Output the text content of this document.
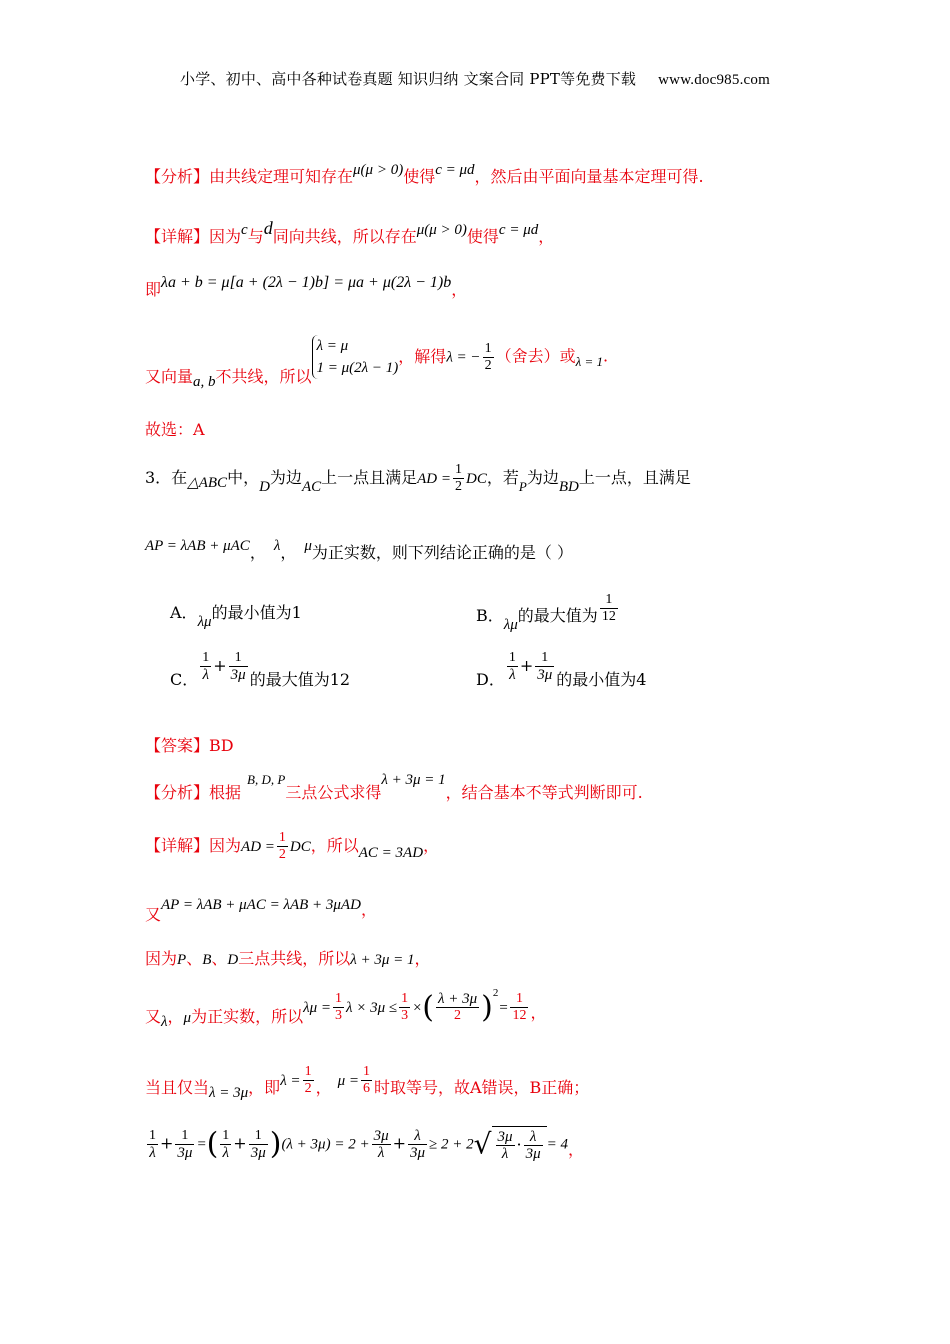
小学、初中、高中各种试卷真题 知识归纳 文案合同 PPT等免费下载 www.doc985.com
【分析】由共线定理可知存在μ(μ > 0)使得c = μd，然后由平面向量基本定理可得.
【详解】因为c与d同向共线，所以存在μ(μ > 0)使得c = μd，
即λa + b = μ[a + (2λ − 1)b] = μa + μ(2λ − 1)b，
又向量a, b不共线，所以
λ = μ
1 = μ(2λ − 1)
，解得λ = − $\frac{1}{2}$ （舍去）或$_{\lambda = 1}$.
故选：A
3．在△ABC中，D为边AC上一点且满足AD = $\frac{1}{2}$ DC，若$_P$为边BD上一点，且满足
AP = λAB + μAC， λ， μ为正实数，则下列结论正确的是（ ）
A．λμ的最小值为1	B．λμ的最大值为 $\frac{1}{12}$
C． $\frac{1}{\lambda} + \frac{1}{3\mu}$ 的最大值为12	D． $\frac{1}{\lambda} + \frac{1}{3\mu}$ 的最小值为4
【答案】BD
【分析】根据$^{B, D, P}$三点公式求得λ + 3μ = 1，结合基本不等式判断即可.
【详解】因为AD = $\frac{1}{2}$ DC，所以AC = 3AD，
又AP = λAB + μAC = λAB + 3μAD，
因为P、B、D三点共线，所以λ + 3μ = 1，
又λ，μ为正实数，所以$\lambda\mu = \frac{1}{3}$ $\lambda \times 3\mu \le \frac{1}{3}$ ×( $\frac{\lambda + 3\mu}{2} )^2= \frac{1}{12}$ ，
当且仅当λ = 3μ，即$\lambda = \frac{1}{2}$ ， $\mu = \frac{1}{6}$ 时取等号，故A错误，B正确；
$\frac{1}{\lambda} + \frac{1}{3\mu}$ =( $\frac{1}{\lambda} + \frac{1}{3\mu} )(\lambda + 3\mu) = 2 + \frac{3\mu}{\lambda} + \frac{\lambda}{3\mu} \ge 2 + 2√ \frac{3\mu}{\lambda} \cdot \frac{\lambda}{3\mu} = 4$，
